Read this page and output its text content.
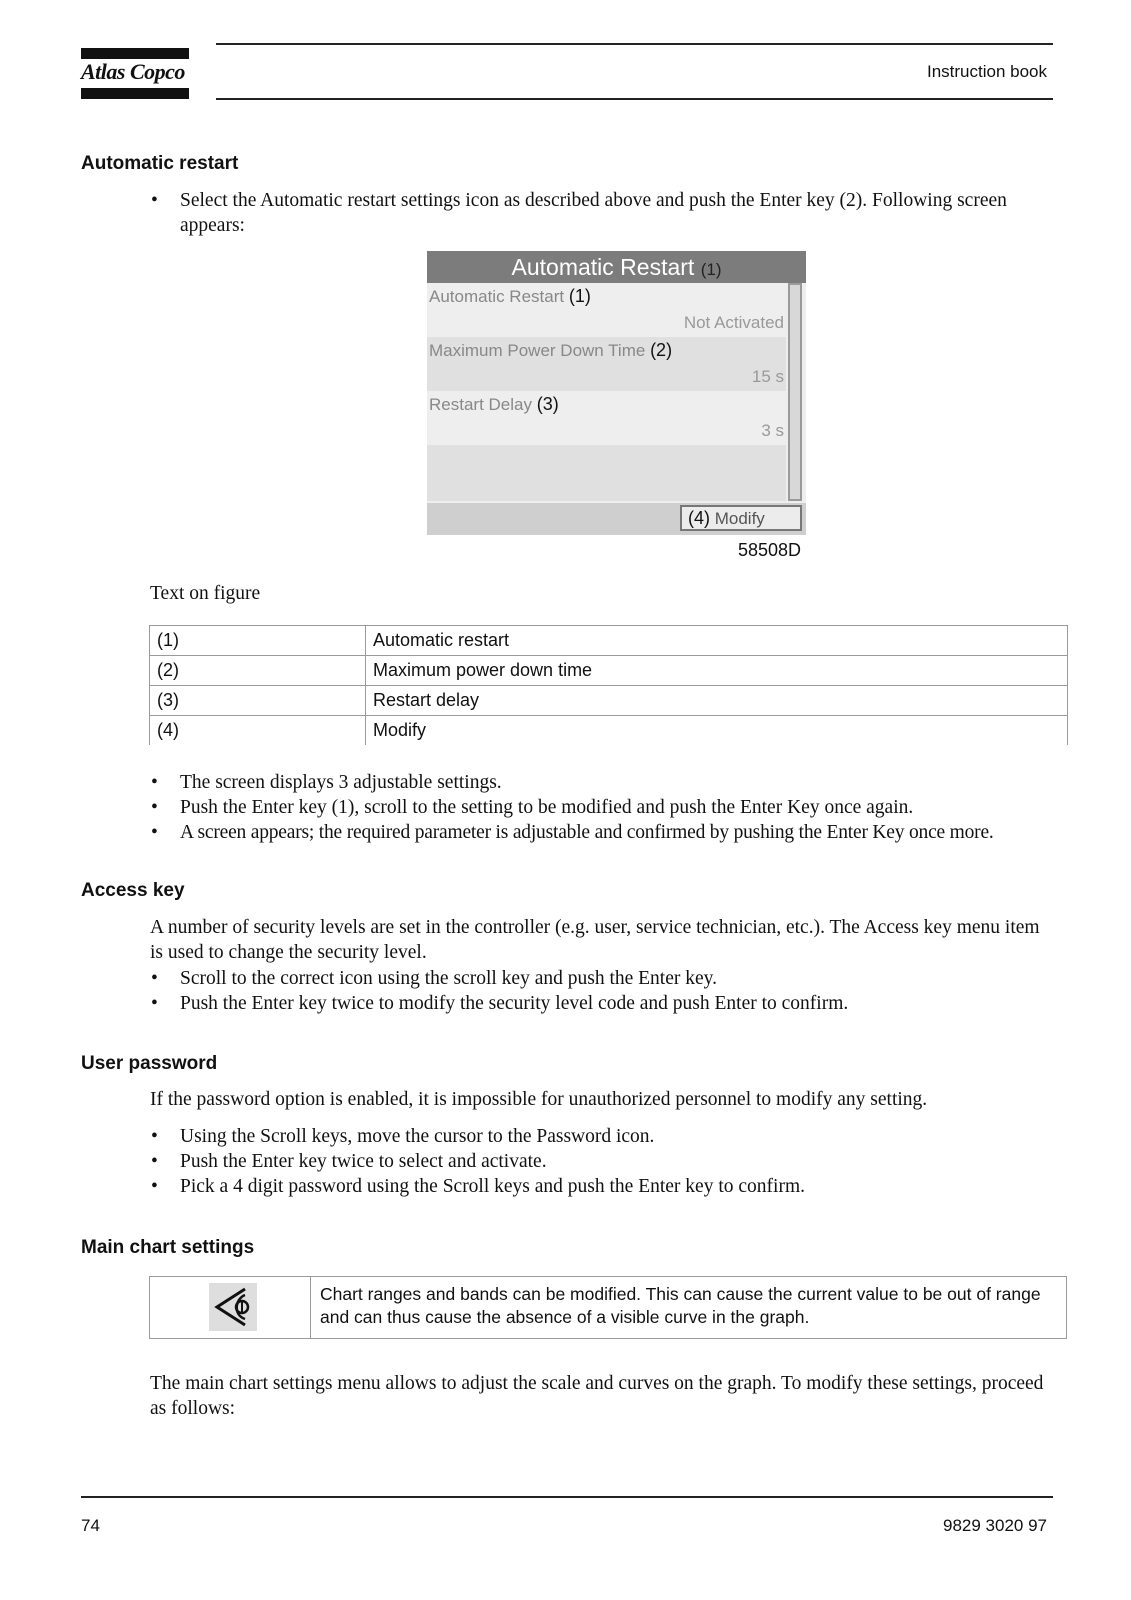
Atlas Copco	Instruction book
Automatic restart
• Select the Automatic restart settings icon as described above and push the Enter key (2). Following screen appears:
Automatic Restart (1)
Automatic Restart (1)
Not Activated
Maximum Power Down Time (2)
15 s
Restart Delay (3)
3 s
(4) Modify
58508D

Text on figure

(1)	Automatic restart
(2)	Maximum power down time
(3)	Restart delay
(4)	Modify
• The screen displays 3 adjustable settings.
• Push the Enter key (1), scroll to the setting to be modified and push the Enter Key once again.
• A screen appears; the required parameter is adjustable and confirmed by pushing the Enter Key once more.
Access key

A number of security levels are set in the controller (e.g. user, service technician, etc.). The Access key menu item is used to change the security level.

• Scroll to the correct icon using the scroll key and push the Enter key.
• Push the Enter key twice to modify the security level code and push Enter to confirm.
User password

If the password option is enabled, it is impossible for unauthorized personnel to modify any setting.

• Using the Scroll keys, move the cursor to the Password icon.
• Push the Enter key twice to select and activate.
• Pick a 4 digit password using the Scroll keys and push the Enter key to confirm.
Main chart settings
Chart ranges and bands can be modified. This can cause the current value to be out of range and can thus cause the absence of a visible curve in the graph.

The main chart settings menu allows to adjust the scale and curves on the graph. To modify these settings, proceed as follows:

74	9829 3020 97
